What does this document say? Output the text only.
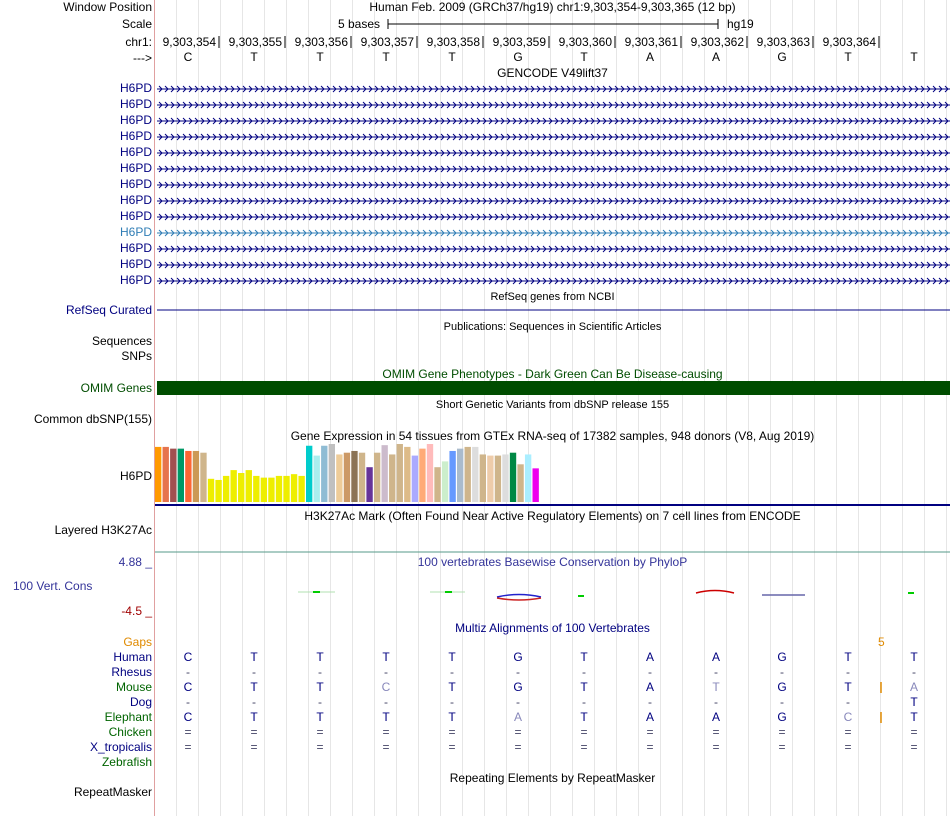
Window Position	Human Feb. 2009 (GRCh37/hg19) chr1:9,303,354-9,303,365 (12 bp)
Scale	5 bases	hg19
chr1:
--->
GENCODE V49lift37
H6PD
H6PD
H6PD
H6PD
H6PD
H6PD
H6PD
H6PD
H6PD
H6PD
H6PD
H6PD
H6PD
RefSeq genes from NCBI
RefSeq Curated
Publications: Sequences in Scientific Articles
Sequences
SNPs
OMIM Gene Phenotypes - Dark Green Can Be Disease-causing
OMIM Genes
Short Genetic Variants from dbSNP release 155
Common dbSNP(155)
Gene Expression in 54 tissues from GTEx RNA-seq of 17382 samples, 948 donors (V8, Aug 2019)
H6PD
H3K27Ac Mark (Often Found Near Active Regulatory Elements) on 7 cell lines from ENCODE
Layered H3K27Ac
100 vertebrates Basewise Conservation by PhyloP
4.88 _
100 Vert. Cons
-4.5 _
Multiz Alignments of 100 Vertebrates
Gaps	5
Human	C	T	T	T	T	G	T	A	A	G	T	T
Rhesus	-	-	-	-	-	-	-	-	-	-	-	-
Mouse	C	T	T	C	T	G	T	A	T	G	T	A
Dog	-	-	-	-	-	-	-	-	-	-	-	T
Elephant	C	T	T	T	T	A	T	A	A	G	C	T
Chicken	=	=	=	=	=	=	=	=	=	=	=	=
X_tropicalis	=	=	=	=	=	=	=	=	=	=	=	=
Zebrafish
Repeating Elements by RepeatMasker
RepeatMasker
9,303,354	9,303,355	9,303,356	9,303,357	9,303,358	9,303,359	9,303,360	9,303,361	9,303,362	9,303,363	9,303,364
C	T	T	T	T	G	T	A	A	G	T	T
